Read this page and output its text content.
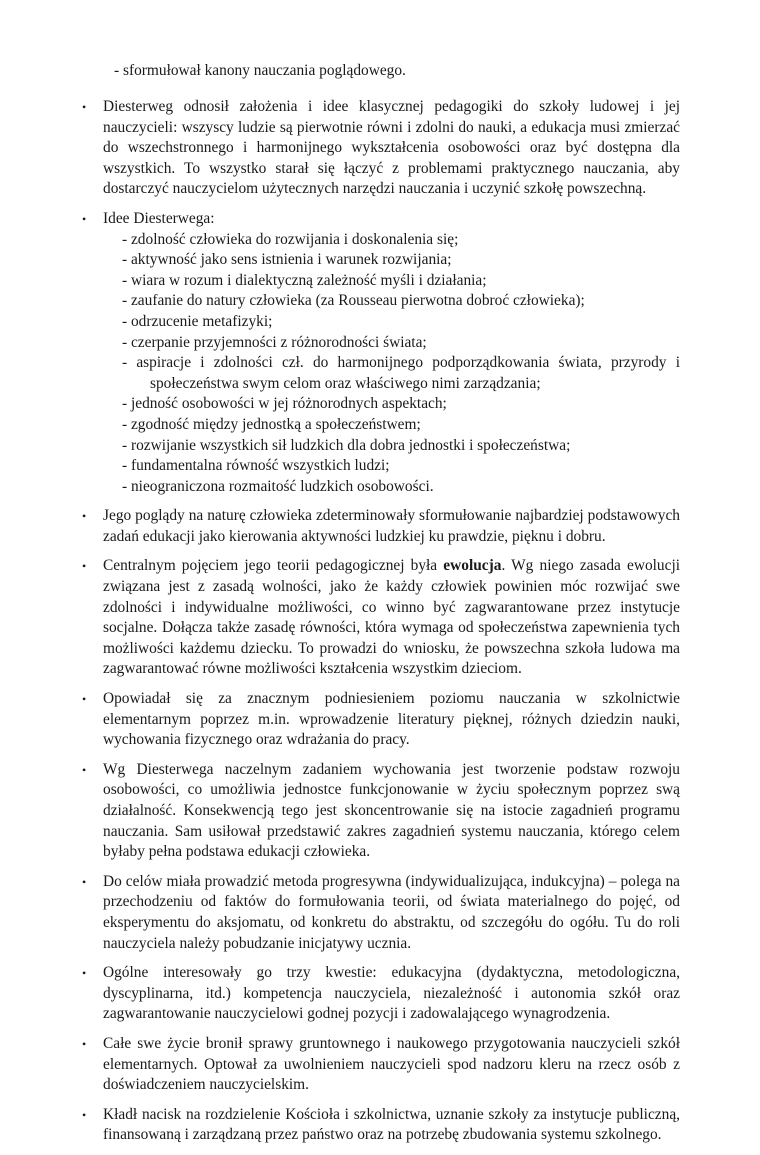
- sformułował kanony nauczania poglądowego.
• Diesterweg odnosił założenia i idee klasycznej pedagogiki do szkoły ludowej i jej nauczycieli: wszyscy ludzie są pierwotnie równi i zdolni do nauki, a edukacja musi zmierzać do wszechstronnego i harmonijnego wykształcenia osobowości oraz być dostępna dla wszystkich. To wszystko starał się łączyć z problemami praktycznego nauczania, aby dostarczyć nauczycielom użytecznych narzędzi nauczania i uczynić szkołę powszechną.
• Idee Diesterwega:
- zdolność człowieka do rozwijania i doskonalenia się;
- aktywność jako sens istnienia i warunek rozwijania;
- wiara w rozum i dialektyczną zależność myśli i działania;
- zaufanie do natury człowieka (za Rousseau pierwotna dobroć człowieka);
- odrzucenie metafizyki;
- czerpanie przyjemności z różnorodności świata;
- aspiracje i zdolności czł. do harmonijnego podporządkowania świata, przyrody i społeczeństwa swym celom oraz właściwego nimi zarządzania;
- jedność osobowości w jej różnorodnych aspektach;
- zgodność między jednostką a społeczeństwem;
- rozwijanie wszystkich sił ludzkich dla dobra jednostki i społeczeństwa;
- fundamentalna równość wszystkich ludzi;
- nieograniczona rozmaitość ludzkich osobowości.
• Jego poglądy na naturę człowieka zdeterminowały sformułowanie najbardziej podstawowych zadań edukacji jako kierowania aktywności ludzkiej ku prawdzie, pięknu i dobru.
• Centralnym pojęciem jego teorii pedagogicznej była ewolucja. Wg niego zasada ewolucji związana jest z zasadą wolności, jako że każdy człowiek powinien móc rozwijać swe zdolności i indywidualne możliwości, co winno być zagwarantowane przez instytucje socjalne. Dołącza także zasadę równości, która wymaga od społeczeństwa zapewnienia tych możliwości każdemu dziecku. To prowadzi do wniosku, że powszechna szkoła ludowa ma zagwarantować równe możliwości kształcenia wszystkim dzieciom.
• Opowiadał się za znacznym podniesieniem poziomu nauczania w szkolnictwie elementarnym poprzez m.in. wprowadzenie literatury pięknej, różnych dziedzin nauki, wychowania fizycznego oraz wdrażania do pracy.
• Wg Diesterwega naczelnym zadaniem wychowania jest tworzenie podstaw rozwoju osobowości, co umożliwia jednostce funkcjonowanie w życiu społecznym poprzez swą działalność. Konsekwencją tego jest skoncentrowanie się na istocie zagadnień programu nauczania. Sam usiłował przedstawić zakres zagadnień systemu nauczania, którego celem byłaby pełna podstawa edukacji człowieka.
• Do celów miała prowadzić metoda progresywna (indywidualizująca, indukcyjna) – polega na przechodzeniu od faktów do formułowania teorii, od świata materialnego do pojęć, od eksperymentu do aksjomatu, od konkretu do abstraktu, od szczegółu do ogółu. Tu do roli nauczyciela należy pobudzanie inicjatywy ucznia.
• Ogólne interesowały go trzy kwestie: edukacyjna (dydaktyczna, metodologiczna, dyscyplinarna, itd.) kompetencja nauczyciela, niezależność i autonomia szkół oraz zagwarantowanie nauczycielowi godnej pozycji i zadowalającego wynagrodzenia.
• Całe swe życie bronił sprawy gruntownego i naukowego przygotowania nauczycieli szkół elementarnych. Optował za uwolnieniem nauczycieli spod nadzoru kleru na rzecz osób z doświadczeniem nauczycielskim.
• Kładł nacisk na rozdzielenie Kościoła i szkolnictwa, uznanie szkoły za instytucje publiczną, finansowaną i zarządzaną przez państwo oraz na potrzebę zbudowania systemu szkolnego.
